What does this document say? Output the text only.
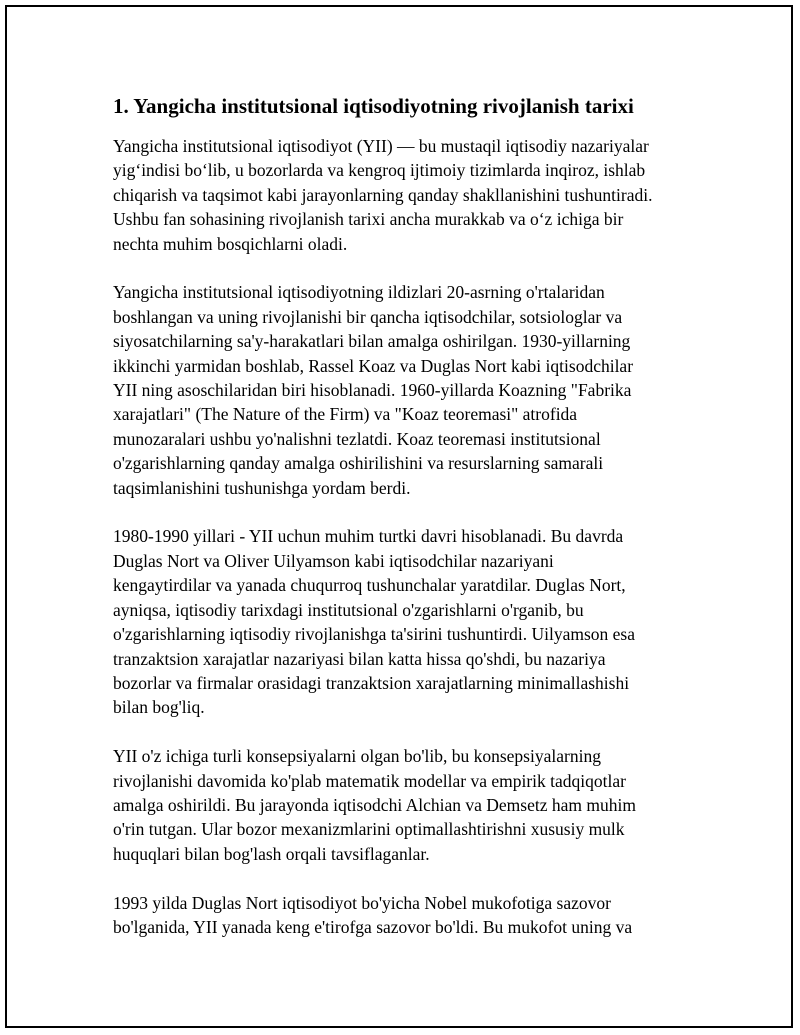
1. Yangicha institutsional iqtisodiyotning rivojlanish tarixi

Yangicha institutsional iqtisodiyot (YII) — bu mustaqil iqtisodiy nazariyalar
yig‘indisi bo‘lib, u bozorlarda va kengroq ijtimoiy tizimlarda inqiroz, ishlab
chiqarish va taqsimot kabi jarayonlarning qanday shakllanishini tushuntiradi.
Ushbu fan sohasining rivojlanish tarixi ancha murakkab va o‘z ichiga bir
nechta muhim bosqichlarni oladi.

Yangicha institutsional iqtisodiyotning ildizlari 20-asrning o'rtalaridan
boshlangan va uning rivojlanishi bir qancha iqtisodchilar, sotsiologlar va
siyosatchilarning sa'y-harakatlari bilan amalga oshirilgan. 1930-yillarning
ikkinchi yarmidan boshlab, Rassel Koaz va Duglas Nort kabi iqtisodchilar
YII ning asoschilaridan biri hisoblanadi. 1960-yillarda Koazning "Fabrika
xarajatlari" (The Nature of the Firm) va "Koaz teoremasi" atrofida
munozaralari ushbu yo'nalishni tezlatdi. Koaz teoremasi institutsional
o'zgarishlarning qanday amalga oshirilishini va resurslarning samarali
taqsimlanishini tushunishga yordam berdi.

1980-1990 yillari - YII uchun muhim turtki davri hisoblanadi. Bu davrda
Duglas Nort va Oliver Uilyamson kabi iqtisodchilar nazariyani
kengaytirdilar va yanada chuqurroq tushunchalar yaratdilar. Duglas Nort,
ayniqsa, iqtisodiy tarixdagi institutsional o'zgarishlarni o'rganib, bu
o'zgarishlarning iqtisodiy rivojlanishga ta'sirini tushuntirdi. Uilyamson esa
tranzaktsion xarajatlar nazariyasi bilan katta hissa qo'shdi, bu nazariya
bozorlar va firmalar orasidagi tranzaktsion xarajatlarning minimallashishi
bilan bog'liq.

YII o'z ichiga turli konsepsiyalarni olgan bo'lib, bu konsepsiyalarning
rivojlanishi davomida ko'plab matematik modellar va empirik tadqiqotlar
amalga oshirildi. Bu jarayonda iqtisodchi Alchian va Demsetz ham muhim
o'rin tutgan. Ular bozor mexanizmlarini optimallashtirishni xususiy mulk
huquqlari bilan bog'lash orqali tavsiflaganlar.

1993 yilda Duglas Nort iqtisodiyot bo'yicha Nobel mukofotiga sazovor
bo'lganida, YII yanada keng e'tirofga sazovor bo'ldi. Bu mukofot uning va
